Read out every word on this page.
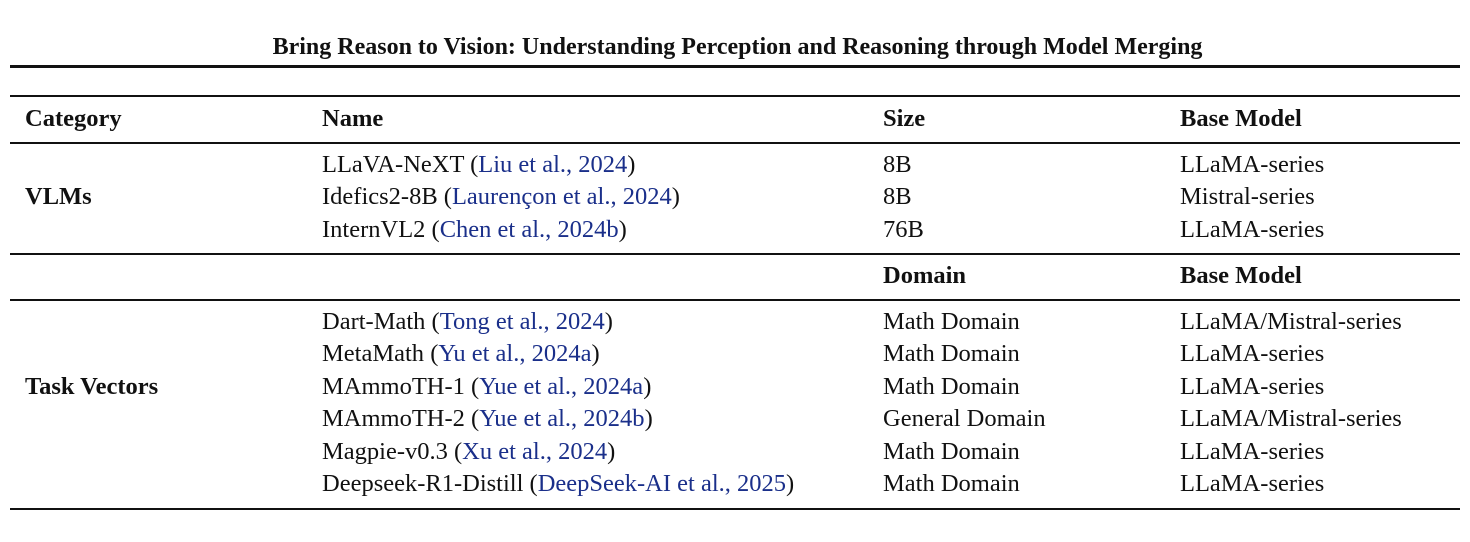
Bring Reason to Vision: Understanding Perception and Reasoning through Model Merging
Category	Name	Size	Base Model
VLMs
LLaVA-NeXT (Liu et al., 2024)	8B	LLaMA-series
Idefics2-8B (Laurençon et al., 2024)	8B	Mistral-series
InternVL2 (Chen et al., 2024b)	76B	LLaMA-series
Domain	Base Model
Task Vectors
Dart-Math (Tong et al., 2024)	Math Domain	LLaMA/Mistral-series
MetaMath (Yu et al., 2024a)	Math Domain	LLaMA-series
MAmmoTH-1 (Yue et al., 2024a)	Math Domain	LLaMA-series
MAmmoTH-2 (Yue et al., 2024b)	General Domain	LLaMA/Mistral-series
Magpie-v0.3 (Xu et al., 2024)	Math Domain	LLaMA-series
Deepseek-R1-Distill (DeepSeek-AI et al., 2025)	Math Domain	LLaMA-series
